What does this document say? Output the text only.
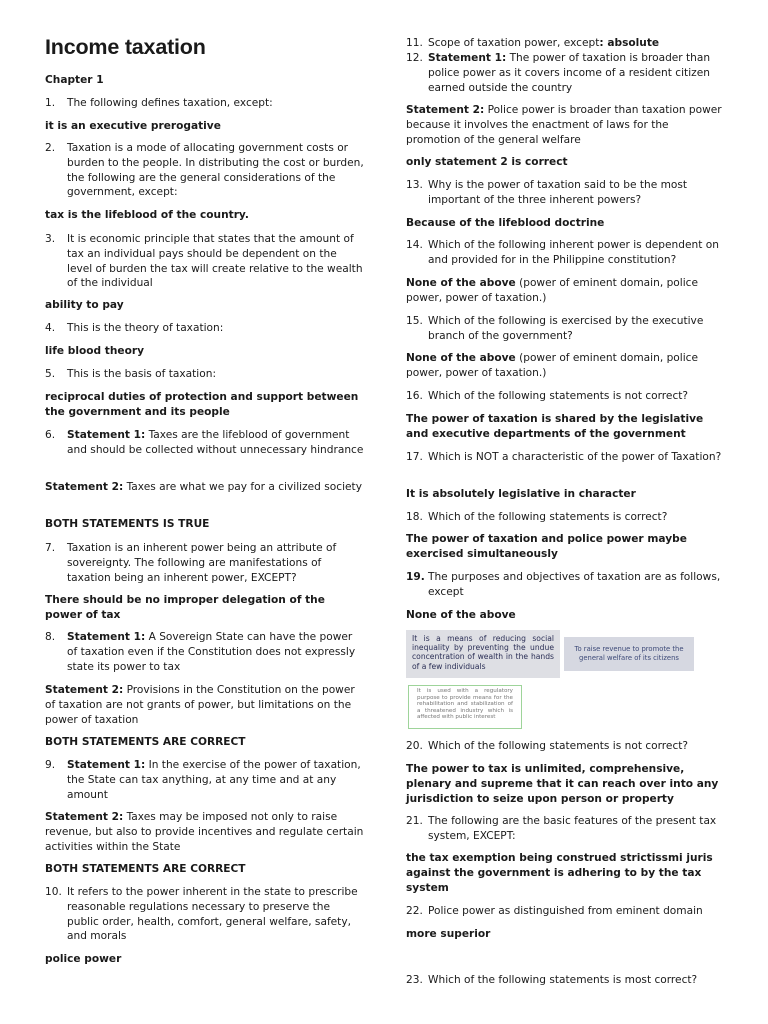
Income taxation
Chapter 1
1.	The following defines taxation, except:
it is an executive prerogative
2.	Taxation is a mode of allocating government costs or burden to the people. In distributing the cost or burden, the following are the general considerations of the government, except:
tax is the lifeblood of the country.
3.	It is economic principle that states that the amount of tax an individual pays should be dependent on the level of burden the tax will create relative to the wealth of the individual
ability to pay
4.	This is the theory of taxation:
life blood theory
5.	This is the basis of taxation:
reciprocal duties of protection and support between the government and its people
6.	Statement 1: Taxes are the lifeblood of government and should be collected without unnecessary hindrance
Statement 2: Taxes are what we pay for a civilized society
BOTH STATEMENTS IS TRUE
7.	Taxation is an inherent power being an attribute of sovereignty. The following are manifestations of taxation being an inherent power, EXCEPT?
There should be no improper delegation of the power of tax
8.	Statement 1: A Sovereign State can have the power of taxation even if the Constitution does not expressly state its power to tax
Statement 2: Provisions in the Constitution on the power of taxation are not grants of power, but limitations on the power of taxation
BOTH STATEMENTS ARE CORRECT
9.	Statement 1: In the exercise of the power of taxation, the State can tax anything, at any time and at any amount
Statement 2: Taxes may be imposed not only to raise revenue, but also to provide incentives and regulate certain activities within the State
BOTH STATEMENTS ARE CORRECT
10. It refers to the power inherent in the state to prescribe reasonable regulations necessary to preserve the public order, health, comfort, general welfare, safety, and morals
police power
11. Scope of taxation power, except: absolute
12. Statement 1: The power of taxation is broader than police power as it covers income of a resident citizen earned outside the country
Statement 2: Police power is broader than taxation power because it involves the enactment of laws for the promotion of the general welfare
only statement 2 is correct
13. Why is the power of taxation said to be the most important of the three inherent powers?
Because of the lifeblood doctrine
14. Which of the following inherent power is dependent on and provided for in the Philippine constitution?
None of the above (power of eminent domain, police power, power of taxation.)
15. Which of the following is exercised by the executive branch of the government?
None of the above (power of eminent domain, police power, power of taxation.)
16. Which of the following statements is not correct?
The power of taxation is shared by the legislative and executive departments of the government
17. Which is NOT a characteristic of the power of Taxation?
It is absolutely legislative in character
18. Which of the following statements is correct?
The power of taxation and police power maybe exercised simultaneously
19. The purposes and objectives of taxation are as follows, except
None of the above
20. Which of the following statements is not correct?
The power to tax is unlimited, comprehensive, plenary and supreme that it can reach over into any jurisdiction to seize upon person or property
21. The following are the basic features of the present tax system, EXCEPT:
the tax exemption being construed strictissmi juris against the government is adhering to by the tax system
22. Police power as distinguished from eminent domain
more superior
23. Which of the following statements is most correct?
It is a means of reducing social inequality by preventing the undue concentration of wealth in the hands of a few individuals
To raise revenue to promote the general welfare of its citizens
It is used with a regulatory purpose to provide means for the rehabilitation and stabilization of a threatened industry which is affected with public interest
